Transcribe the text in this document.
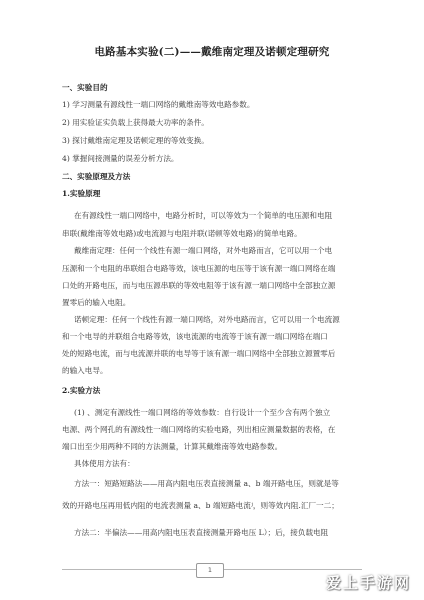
电路基本实验(二)——戴维南定理及诺顿定理研究
一、实验目的
1) 学习测量有源线性一端口网络的戴维南等效电路参数。
2) 用实验证实负载上获得最大功率的条件。
3) 探讨戴维南定理及诺顿定理的等效变换。
4) 掌握间接测量的误差分析方法。
二、实验原理及方法
1.实验原理
在有源线性一端口网络中，电路分析时，可以等效为一个简单的电压源和电阻
串联(戴维南等效电路)或电流源与电阻并联(诺顿等效电路)的简单电路。
戴维南定理：任何一个线性有源一端口网络，对外电路而言，它可以用一个电
压源和一个电阻的串联组合电路等效，该电压源的电压等于该有源一端口网络在端
口处的开路电压，而与电压源串联的等效电阻等于该有源一端口网络中全部独立源
置零后的输入电阻。
诺顿定理：任何一个线性有源一端口网络，对外电路而言，它可以用一个电流源
和一个电导的并联组合电路等效，该电流源的电流等于该有源一端口网络在端口
处的短路电流，而与电流源并联的电导等于该有源一端口网络中全部独立源置零后
的输入电导。
2.实验方法
(1) 、测定有源线性一端口网络的等效参数：自行设计一个至少含有两个独立
电源、两个网孔的有源线性一端口网络的实验电路，列出相应测量数据的表格，在
端口出至少用两种不同的方法测量，计算其戴维南等效电路参数。
具体使用方法有：
方法一：短路短路法——用高内阻电压表直接测量 a、b 端开路电压，则就是等
效的开路电压再用低内阻的电流表测量 a、b 端短路电流ʲ，则等效内阻.汇厂一二；
方法二：半偏法——用高内阻电压表直接测量开路电压 L）；后，接负载电阻
1
爱上手游网
